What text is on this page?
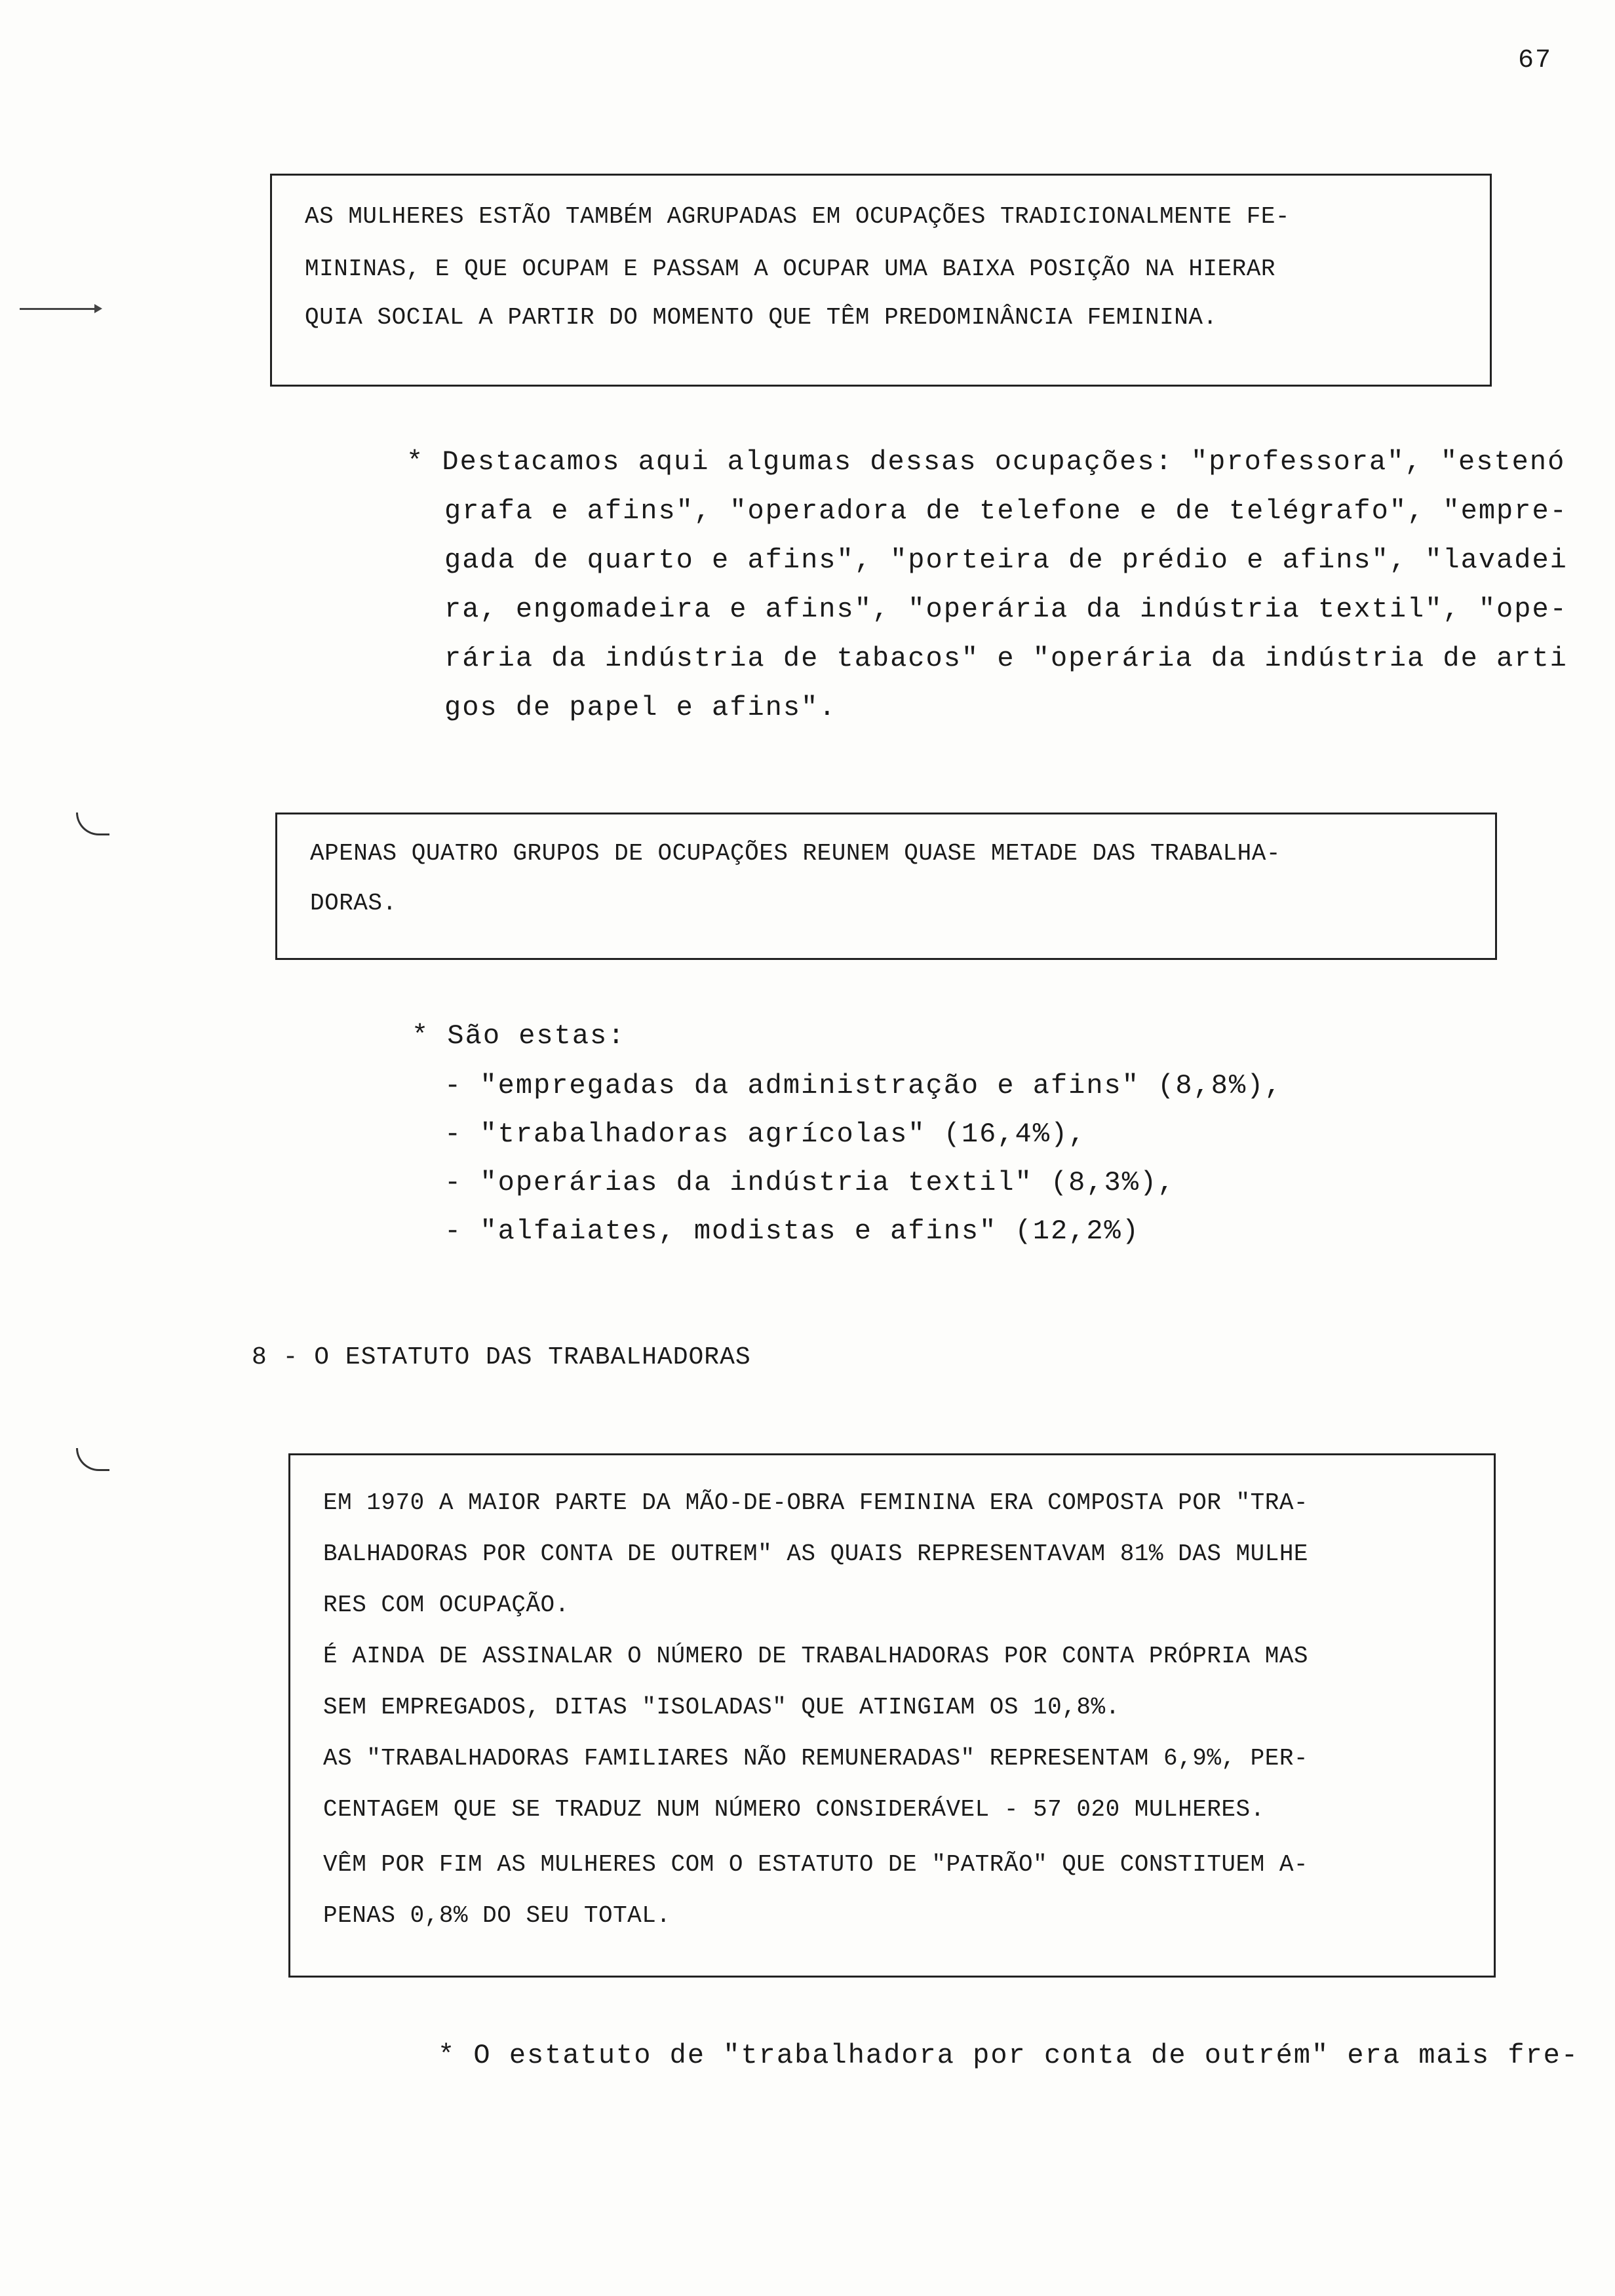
67
AS MULHERES ESTÃO TAMBÉM AGRUPADAS EM OCUPAÇÕES TRADICIONALMENTE FE-
MININAS, E QUE OCUPAM E PASSAM A OCUPAR UMA BAIXA POSIÇÃO NA HIERAR
QUIA SOCIAL A PARTIR DO MOMENTO QUE TÊM PREDOMINÂNCIA FEMININA.
* Destacamos aqui algumas dessas ocupações: "professora", "estenó
grafa e afins", "operadora de telefone e de telégrafo", "empre-
gada de quarto e afins", "porteira de prédio e afins", "lavadei
ra, engomadeira e afins", "operária da indústria textil", "ope-
rária da indústria de tabacos" e "operária da indústria de arti
gos de papel e afins".
APENAS QUATRO GRUPOS DE OCUPAÇÕES REUNEM QUASE METADE DAS TRABALHA-
DORAS.
* São estas:
- "empregadas da administração e afins" (8,8%),
- "trabalhadoras agrícolas" (16,4%),
- "operárias da indústria textil" (8,3%),
- "alfaiates, modistas e afins" (12,2%)
8 - O ESTATUTO DAS TRABALHADORAS
EM 1970 A MAIOR PARTE DA MÃO-DE-OBRA FEMININA ERA COMPOSTA POR "TRA-
BALHADORAS POR CONTA DE OUTREM" AS QUAIS REPRESENTAVAM 81% DAS MULHE
RES COM OCUPAÇÃO.
É AINDA DE ASSINALAR O NÚMERO DE TRABALHADORAS POR CONTA PRÓPRIA MAS
SEM EMPREGADOS, DITAS "ISOLADAS" QUE ATINGIAM OS 10,8%.
AS "TRABALHADORAS FAMILIARES NÃO REMUNERADAS" REPRESENTAM 6,9%, PER-
CENTAGEM QUE SE TRADUZ NUM NÚMERO CONSIDERÁVEL - 57 020 MULHERES.
VÊM POR FIM AS MULHERES COM O ESTATUTO DE "PATRÃO" QUE CONSTITUEM A-
PENAS 0,8% DO SEU TOTAL.
* O estatuto de "trabalhadora por conta de outrém" era mais fre-
